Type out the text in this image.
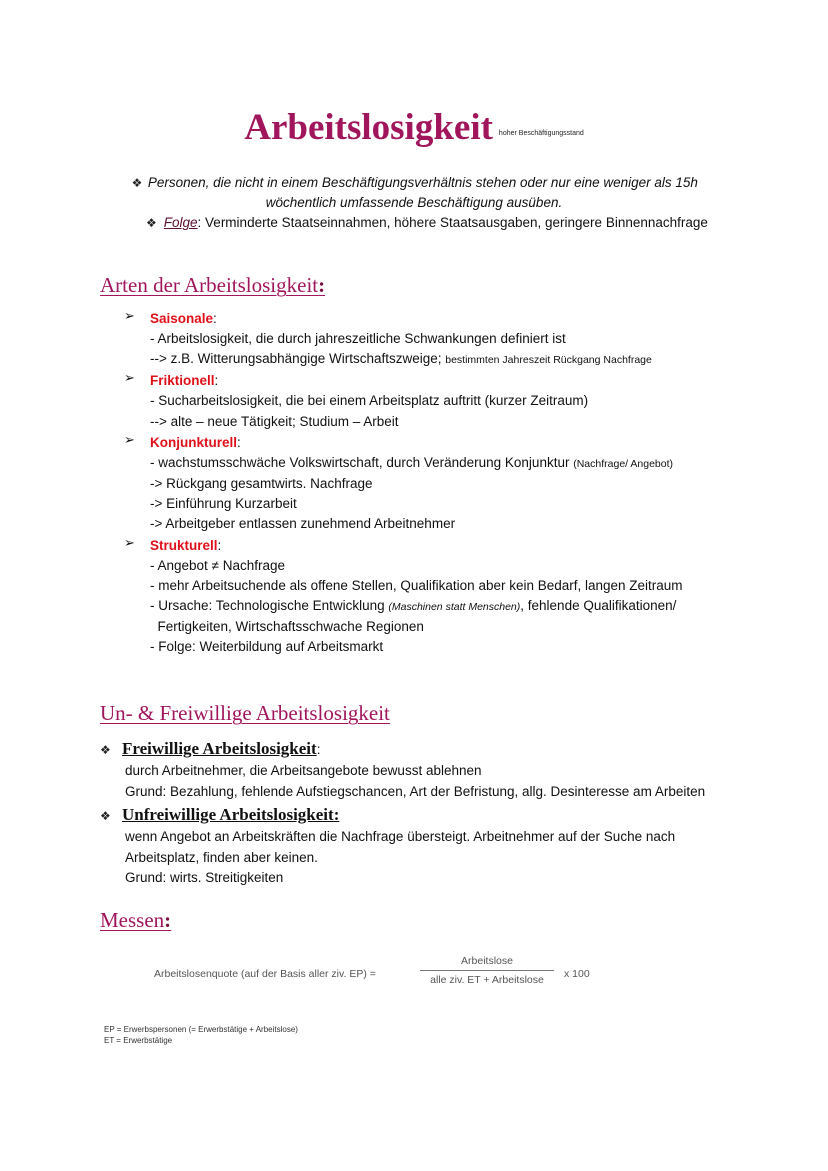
Arbeitslosigkeit $^{hoher Beschäftigungsstand}$
❖ Personen, die nicht in einem Beschäftigungsverhältnis stehen oder nur eine weniger als 15h
wöchentlich umfassende Beschäftigung ausüben.
❖ Folge: Verminderte Staatseinnahmen, höhere Staatsausgaben, geringere Binnennachfrage
Arten der Arbeitslosigkeit:
➢ Saisonale:
- Arbeitslosigkeit, die durch jahreszeitliche Schwankungen definiert ist
--> z.B. Witterungsabhängige Wirtschaftszweige; bestimmten Jahreszeit Rückgang Nachfrage
➢ Friktionell:
- Sucharbeitslosigkeit, die bei einem Arbeitsplatz auftritt (kurzer Zeitraum)
--> alte – neue Tätigkeit; Studium – Arbeit
➢ Konjunkturell:
- wachstumsschwäche Volkswirtschaft, durch Veränderung Konjunktur (Nachfrage/ Angebot)
-> Rückgang gesamtwirts. Nachfrage
-> Einführung Kurzarbeit
-> Arbeitgeber entlassen zunehmend Arbeitnehmer
➢ Strukturell:
- Angebot ≠ Nachfrage
- mehr Arbeitsuchende als offene Stellen, Qualifikation aber kein Bedarf, langen Zeitraum
- Ursache: Technologische Entwicklung (Maschinen statt Menschen), fehlende Qualifikationen/
Fertigkeiten, Wirtschaftsschwache Regionen
- Folge: Weiterbildung auf Arbeitsmarkt
Un- & Freiwillige Arbeitslosigkeit
❖ Freiwillige Arbeitslosigkeit:
durch Arbeitnehmer, die Arbeitsangebote bewusst ablehnen
Grund: Bezahlung, fehlende Aufstiegschancen, Art der Befristung, allg. Desinteresse am Arbeiten
❖ Unfreiwillige Arbeitslosigkeit:
wenn Angebot an Arbeitskräften die Nachfrage übersteigt. Arbeitnehmer auf der Suche nach
Arbeitsplatz, finden aber keinen.
Grund: wirts. Streitigkeiten
Messen:
Arbeitslosenquote (auf der Basis aller ziv. EP) =
Arbeitslose
alle ziv. ET + Arbeitslose	x 100
EP = Erwerbspersonen (= Erwerbstätige + Arbeitslose)
ET = Erwerbstätige
